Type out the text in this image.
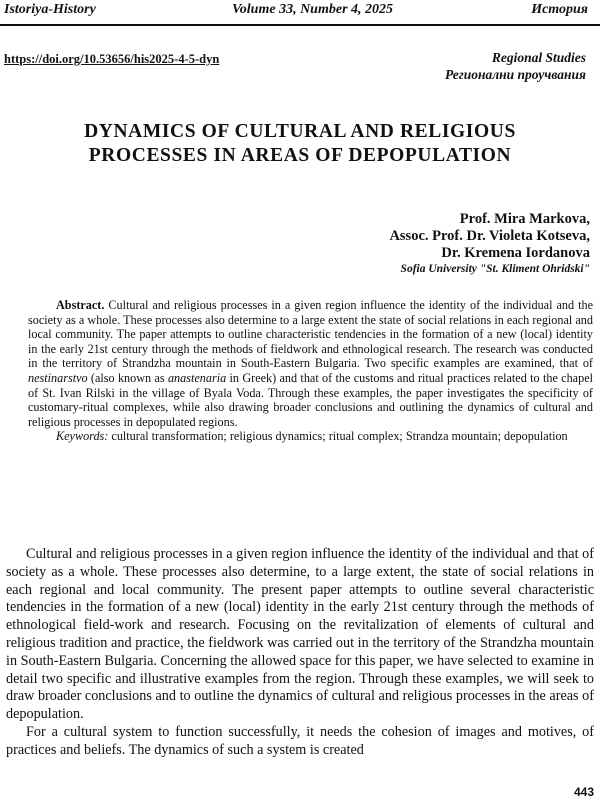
Istoriya-History	Volume 33, Number 4, 2025	История
https://doi.org/10.53656/his2025-4-5-dyn	Regional Studies
Регионални проучвания
DYNAMICS OF CULTURAL AND RELIGIOUS
PROCESSES IN AREAS OF DEPOPULATION
Prof. Mira Markova,
Assoc. Prof. Dr. Violeta Kotseva,
Dr. Kremena Iordanova
Sofia University "St. Kliment Ohridski"

Abstract. Cultural and religious processes in a given region influence the identity of the individual and the society as a whole. These processes also determine to a large extent the state of social relations in each regional and local community. The paper attempts to outline characteristic tendencies in the formation of a new (local) identity in the early 21st century through the methods of fieldwork and ethnological research. The research was conducted in the territory of Strandzha mountain in South-Eastern Bulgaria. Two specific examples are examined, that of nestinarstvo (also known as anastenaria in Greek) and that of the customs and ritual practices related to the chapel of St. Ivan Rilski in the village of Byala Voda. Through these examples, the paper investigates the specificity of customary-ritual complexes, while also drawing broader conclusions and outlining the dynamics of cultural and religious processes in depopulated regions.

Keywords: cultural transformation; religious dynamics; ritual complex; Strandza mountain; depopulation

Cultural and religious processes in a given region influence the identity of the individual and that of society as a whole. These processes also determine, to a large extent, the state of social relations in each regional and local community. The present paper attempts to outline several characteristic tendencies in the formation of a new (local) identity in the early 21st century through the methods of ethnological field-work and research. Focusing on the revitalization of elements of cultural and religious tradition and practice, the fieldwork was carried out in the territory of the Strandzha mountain in South-Eastern Bulgaria. Concerning the allowed space for this paper, we have selected to examine in detail two specific and illustrative examples from the region. Through these examples, we will seek to draw broader conclusions and to outline the dynamics of cultural and religious processes in the areas of depopulation.

For a cultural system to function successfully, it needs the cohesion of images and motives, of practices and beliefs. The dynamics of such a system is created

443
